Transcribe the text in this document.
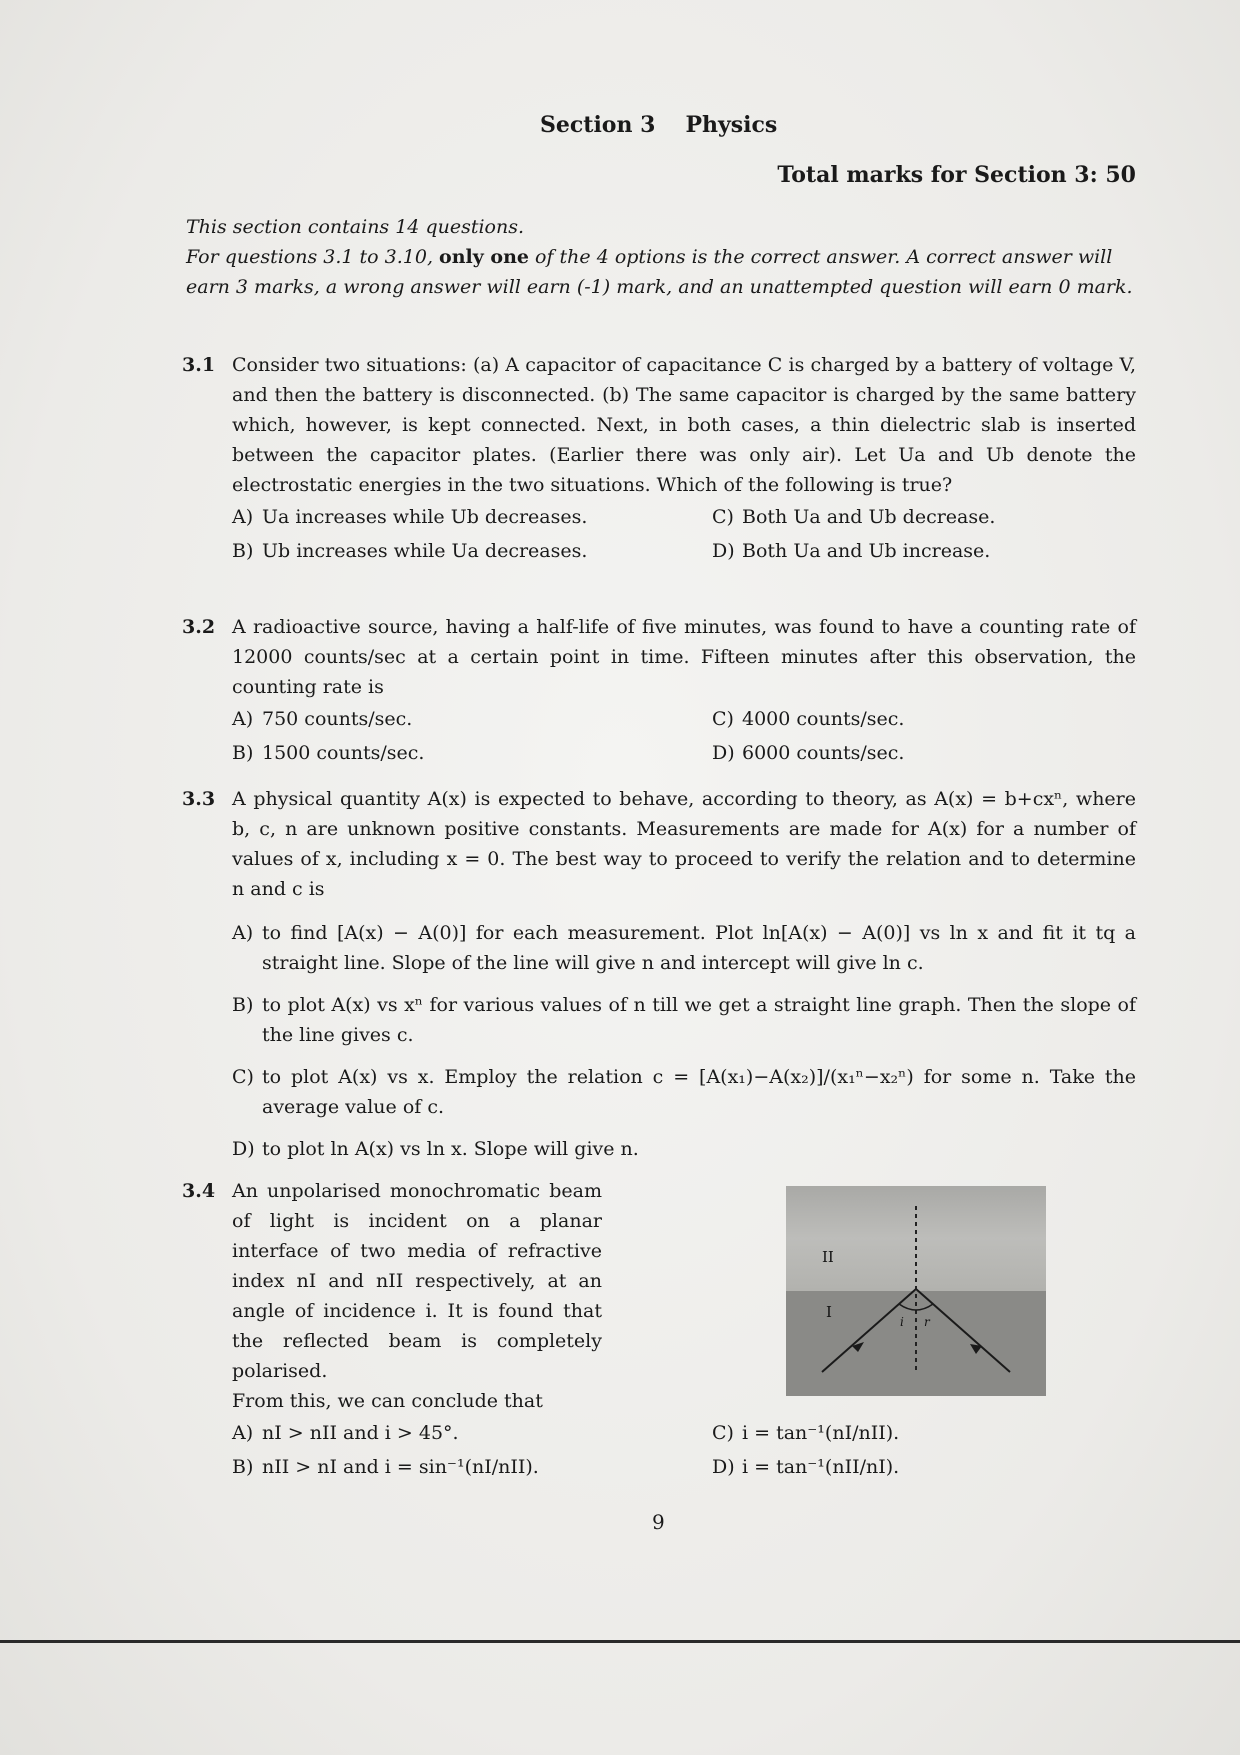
Section 3 Physics
Total marks for Section 3: 50
This section contains 14 questions.
For questions 3.1 to 3.10, only one of the 4 options is the correct answer. A correct answer will earn 3 marks, a wrong answer will earn (-1) mark, and an unattempted question will earn 0 mark.
3.1 Consider two situations: (a) A capacitor of capacitance C is charged by a battery of voltage V, and then the battery is disconnected. (b) The same capacitor is charged by the same battery which, however, is kept connected. Next, in both cases, a thin dielectric slab is inserted between the capacitor plates. (Earlier there was only air). Let Ua and Ub denote the electrostatic energies in the two situations. Which of the following is true?
A) Ua increases while Ub decreases.	C) Both Ua and Ub decrease.
B) Ub increases while Ua decreases.	D) Both Ua and Ub increase.
3.2 A radioactive source, having a half-life of five minutes, was found to have a counting rate of 12000 counts/sec at a certain point in time. Fifteen minutes after this observation, the counting rate is
A) 750 counts/sec.	C) 4000 counts/sec.
B) 1500 counts/sec.	D) 6000 counts/sec.
3.3 A physical quantity A(x) is expected to behave, according to theory, as A(x) = b+cxⁿ, where b, c, n are unknown positive constants. Measurements are made for A(x) for a number of values of x, including x = 0. The best way to proceed to verify the relation and to determine n and c is
A) to find [A(x) − A(0)] for each measurement. Plot ln[A(x) − A(0)] vs ln x and fit it tq a straight line. Slope of the line will give n and intercept will give ln c.
B) to plot A(x) vs xⁿ for various values of n till we get a straight line graph. Then the slope of the line gives c.
C) to plot A(x) vs x. Employ the relation c = [A(x₁)−A(x₂)]/(x₁ⁿ−x₂ⁿ) for some n. Take the average value of c.
D) to plot ln A(x) vs ln x. Slope will give n.
3.4 An unpolarised monochromatic beam of light is incident on a planar interface of two media of refractive index nI and nII respectively, at an angle of incidence i. It is found that the reflected beam is completely polarised.
From this, we can conclude that
A) nI > nII and i > 45°.	C) i = tan⁻¹(nI/nII).
B) nII > nI and i = sin⁻¹(nI/nII).	D) i = tan⁻¹(nII/nI).
II
I
i r
9
